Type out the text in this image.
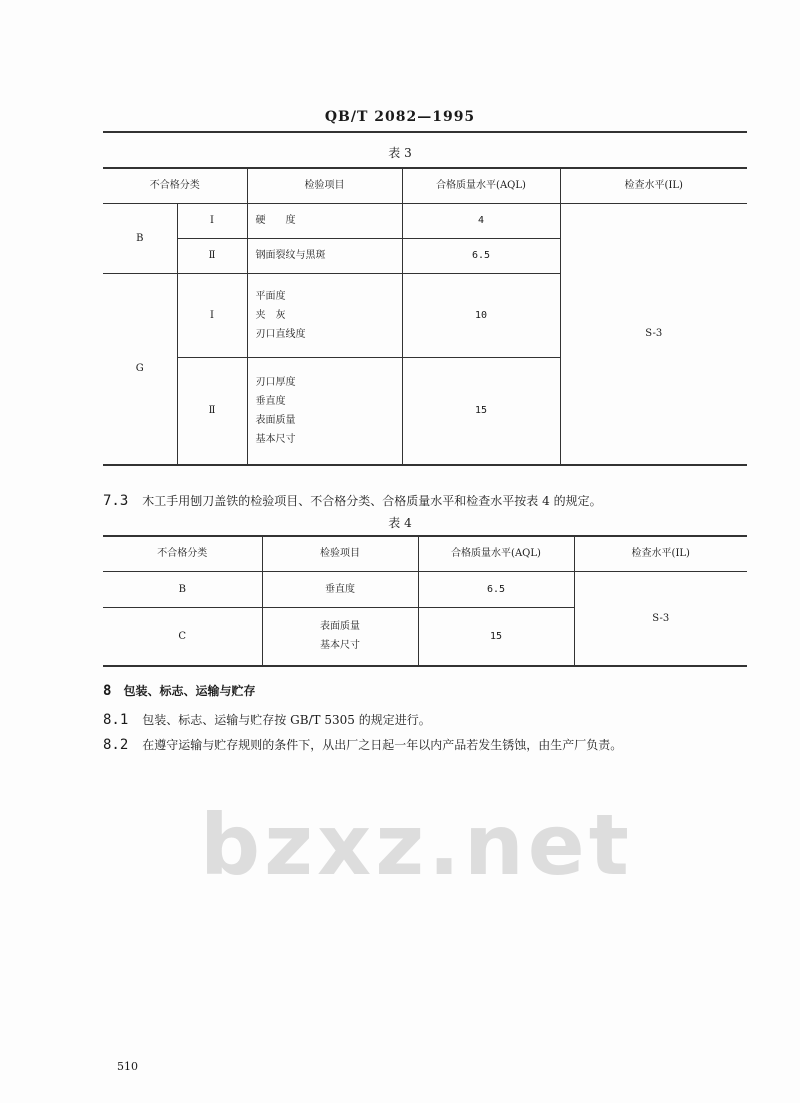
bzxz.net
QB/T 2082—1995
表 3
不合格分类		检验项目	合格质量水平(AQL)	检查水平(IL)
B	Ⅰ	硬　　度	4	S-3
	Ⅱ	钢面裂纹与黑斑	6.5	
G	Ⅰ	平面度
夹　灰
刃口直线度	10	
	Ⅱ	刃口厚度
垂直度
表面质量
基本尺寸	15	
7.3 木工手用刨刀盖铁的检验项目、不合格分类、合格质量水平和检查水平按表 4 的规定。
表 4
不合格分类	检验项目	合格质量水平(AQL)	检查水平(IL)
B	垂直度	6.5	S-3
C	表面质量
基本尺寸	15	
8 包装、标志、运输与贮存
8.1 包装、标志、运输与贮存按 GB/T 5305 的规定进行。
8.2 在遵守运输与贮存规则的条件下，从出厂之日起一年以内产品若发生锈蚀，由生产厂负责。
510
